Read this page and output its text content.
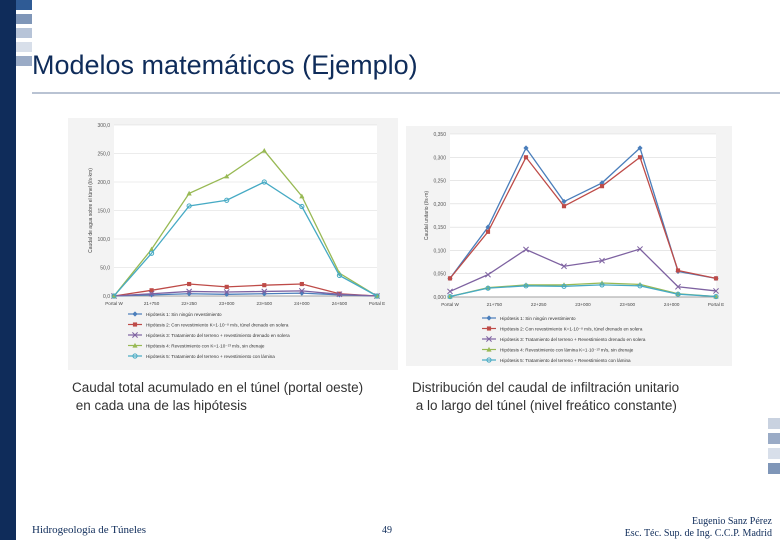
Modelos matemáticos (Ejemplo)
0,0
50,0
100,0
150,0
200,0
250,0
300,0
Portal W	21+750	22+250	23+000	23+500	24+000	24+500	Portal E
Caudal de agua sobre el túnel (l/s·km)
Hipótesis 1: Sin ningún revestimiento
Hipótesis 2: Con revestimiento K=1·10⁻⁸ m/s, túnel drenado en solera
Hipótesis 3: Tratamiento del terreno + revestimiento drenado en solera
Hipótesis 4: Revestimiento con K=1·10⁻¹³ m/s, sin drenaje
Hipótesis 5: Tratamiento del terreno + revestimiento con lámina
0,000
0,050
0,100
0,150
0,200
0,250
0,300
0,350
Portal W	21+750	22+250	23+000	23+500	24+000	Portal E
Caudal unitario (l/s·m)
Hipótesis 1: Sin ningún revestimiento
Hipótesis 2: Con revestimiento K=1·10⁻⁸ m/s, túnel drenado en solera
Hipótesis 3: Tratamiento del terreno + Revestimiento drenado en solera
Hipótesis 4: Revestimiento con lámina K=1·10⁻¹³ m/s, sin drenaje
Hipótesis 5: Tratamiento del terreno + Revestimiento con lámina
Caudal total acumulado en el túnel (portal oeste)
en cada una de las hipótesis
Distribución del caudal de infiltración unitario
a lo largo del túnel (nivel freático constante)
Hidrogeología de Túneles	49
Eugenio Sanz Pérez
Esc. Téc. Sup. de Ing. C.C.P. Madrid
